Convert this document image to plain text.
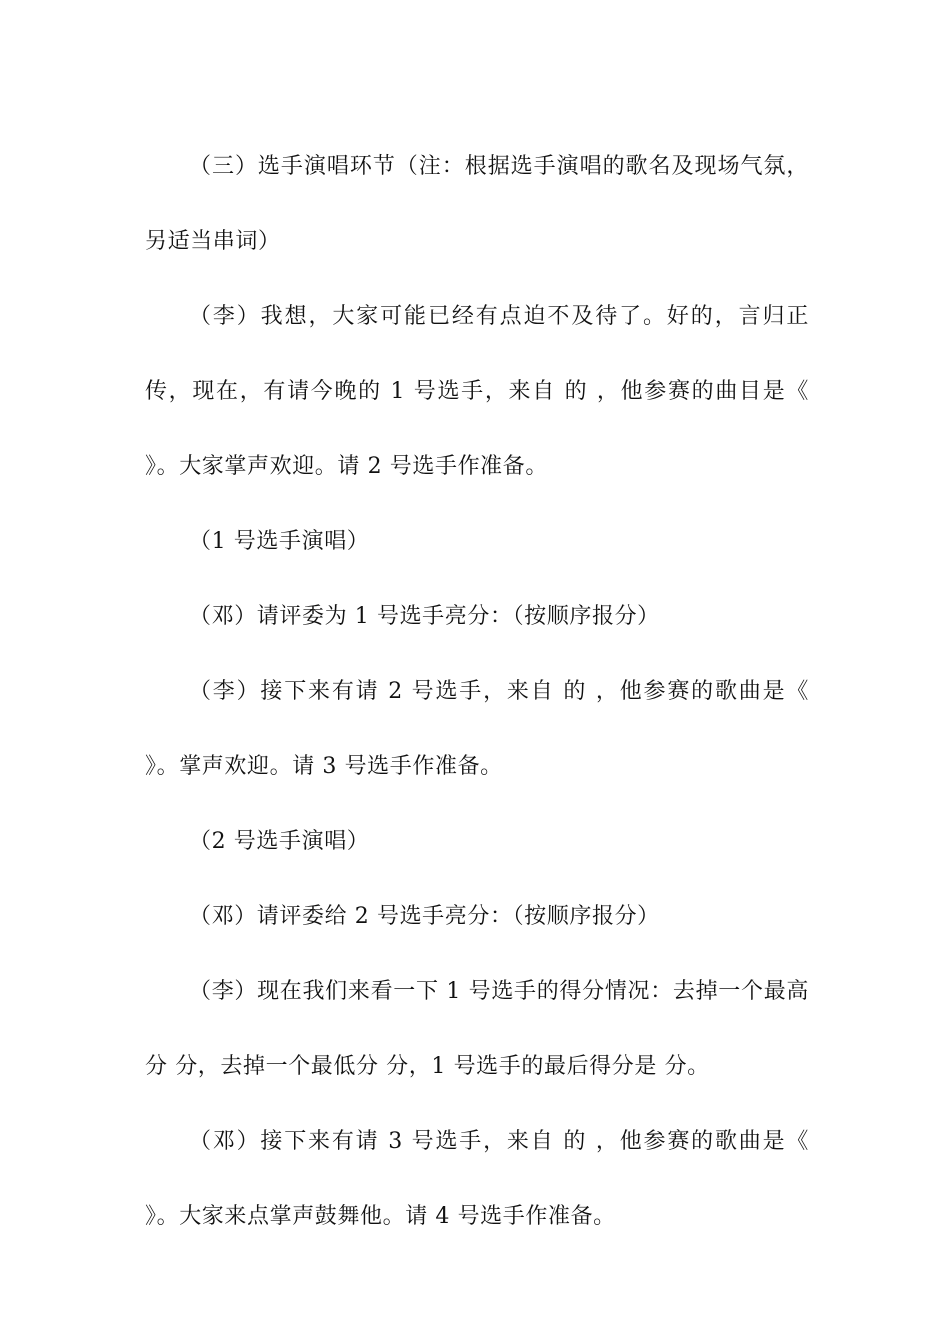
（三）选手演唱环节（注：根据选手演唱的歌名及现场气氛，另适当串词）

（李）我想，大家可能已经有点迫不及待了。好的，言归正传，现在，有请今晚的 1 号选手，来自 的 ，他参赛的曲目是《 》。大家掌声欢迎。请 2 号选手作准备。

（1 号选手演唱）

（邓）请评委为 1 号选手亮分：（按顺序报分）

（李）接下来有请 2 号选手，来自 的 ，他参赛的歌曲是《 》。掌声欢迎。请 3 号选手作准备。

（2 号选手演唱）

（邓）请评委给 2 号选手亮分：（按顺序报分）

（李）现在我们来看一下 1 号选手的得分情况：去掉一个最高分 分，去掉一个最低分 分，1 号选手的最后得分是 分。

（邓）接下来有请 3 号选手，来自 的 ，他参赛的歌曲是《 》。大家来点掌声鼓舞他。请 4 号选手作准备。
